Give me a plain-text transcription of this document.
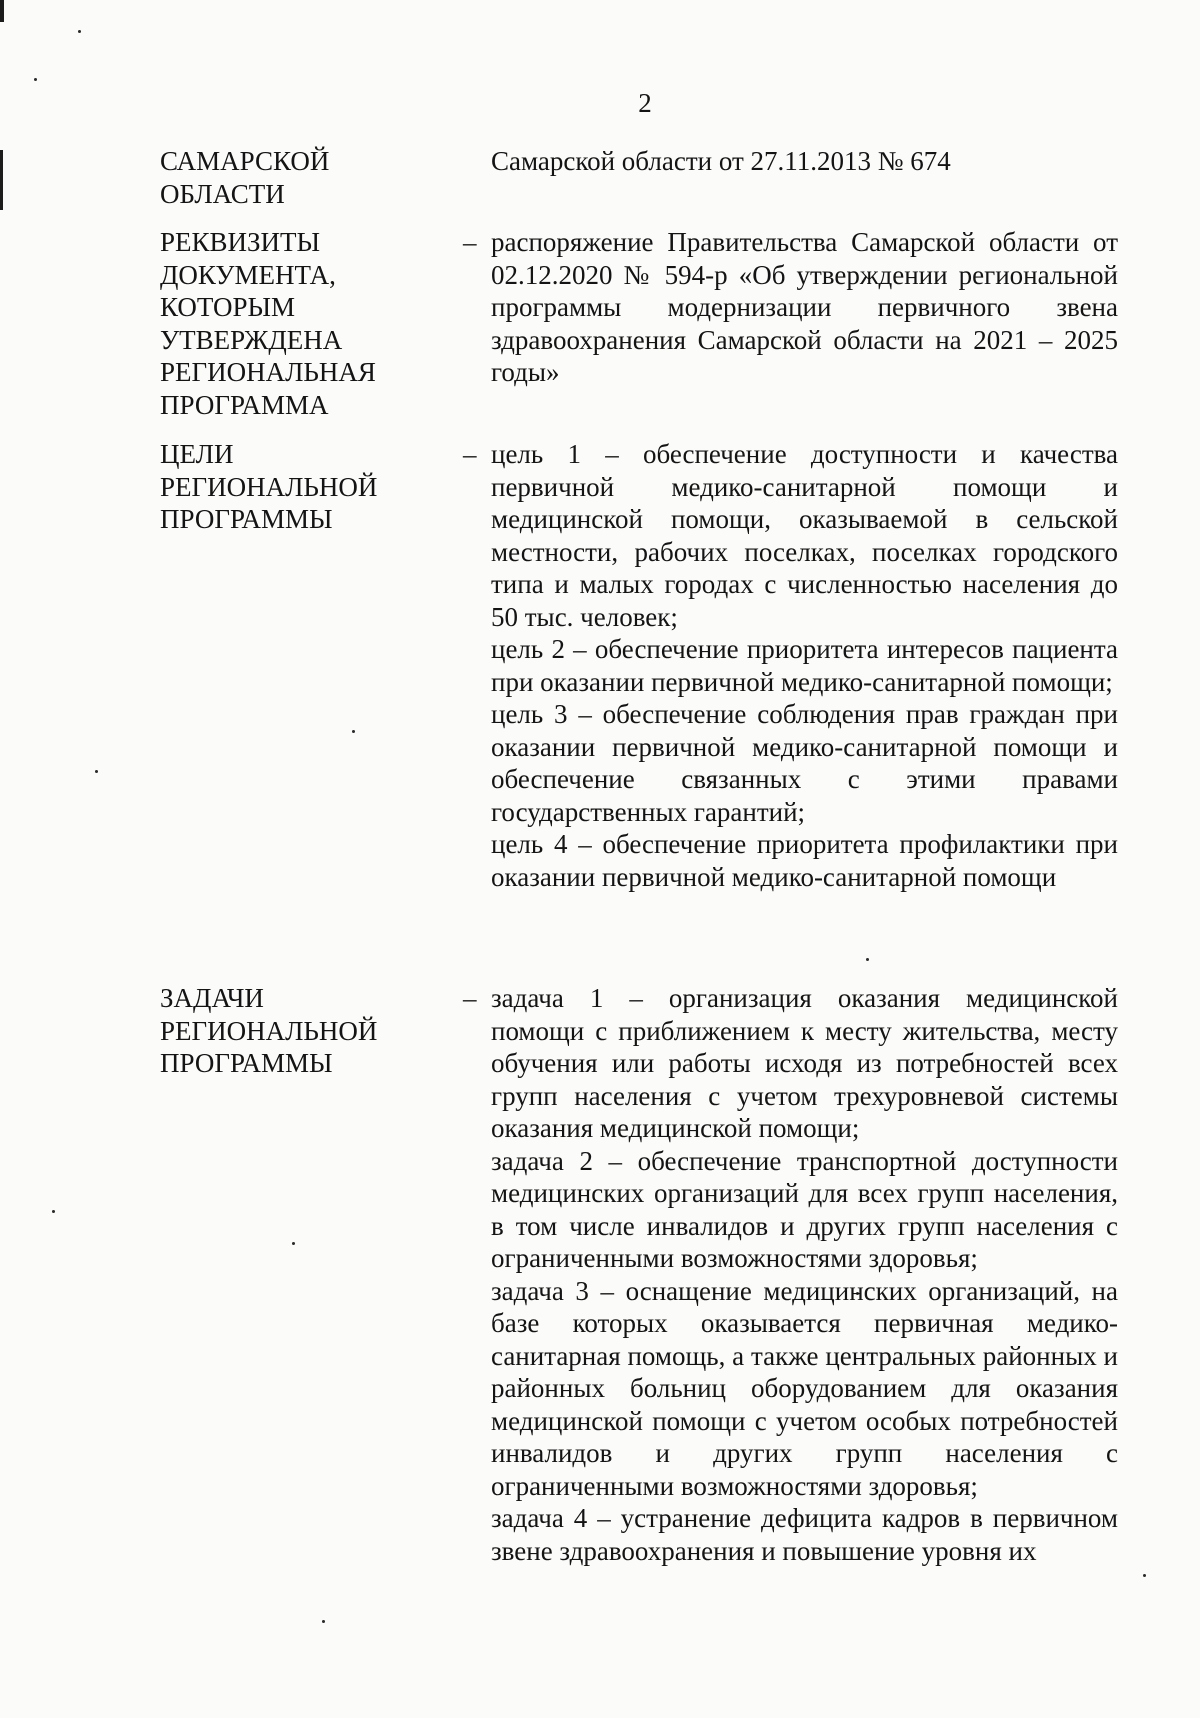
2
САМАРСКОЙ
ОБЛАСТИ

Самарской области от 27.11.2013 № 674

РЕКВИЗИТЫ
ДОКУМЕНТА,
КОТОРЫМ
УТВЕРЖДЕНА
РЕГИОНАЛЬНАЯ
ПРОГРАММА
– распоряжение Правительства Самарской области от 02.12.2020 № 594-р «Об утверждении региональной программы модернизации первичного звена здравоохранения Самарской области на 2021 – 2025 годы»

ЦЕЛИ
РЕГИОНАЛЬНОЙ
ПРОГРАММЫ
– цель 1 – обеспечение доступности и качества первичной медико-санитарной помощи и медицинской помощи, оказываемой в сельской местности, рабочих поселках, поселках городского типа и малых городах с численностью населения до 50 тыс. человек;

цель 2 – обеспечение приоритета интересов пациента при оказании первичной медико-санитарной помощи;

цель 3 – обеспечение соблюдения прав граждан при оказании первичной медико-санитарной помощи и обеспечение связанных с этими правами государственных гарантий;

цель 4 – обеспечение приоритета профилактики при оказании первичной медико-санитарной помощи

ЗАДАЧИ
РЕГИОНАЛЬНОЙ
ПРОГРАММЫ
– задача 1 – организация оказания медицинской помощи с приближением к месту жительства, месту обучения или работы исходя из потребностей всех групп населения с учетом трехуровневой системы оказания медицинской помощи;

задача 2 – обеспечение транспортной доступности медицинских организаций для всех групп населения, в том числе инвалидов и других групп населения с ограниченными возможностями здоровья;

задача 3 – оснащение медицинских организаций, на базе которых оказывается первичная медико-санитарная помощь, а также центральных районных и районных больниц оборудованием для оказания медицинской помощи с учетом особых потребностей инвалидов и других групп населения с ограниченными возможностями здоровья;

задача 4 – устранение дефицита кадров в первичном звене здравоохранения и повышение уровня их
